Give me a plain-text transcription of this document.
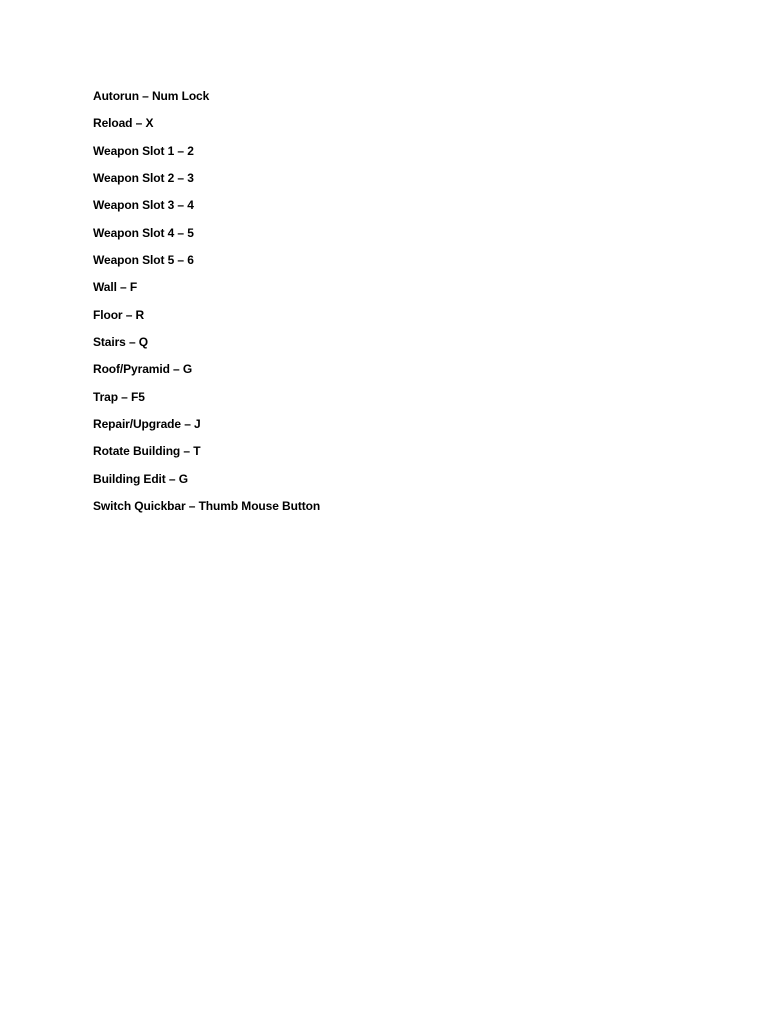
Autorun – Num Lock
Reload – X
Weapon Slot 1 – 2
Weapon Slot 2 – 3
Weapon Slot 3 – 4
Weapon Slot 4 – 5
Weapon Slot 5 – 6
Wall – F
Floor – R
Stairs – Q
Roof/Pyramid – G
Trap – F5
Repair/Upgrade – J
Rotate Building – T
Building Edit – G
Switch Quickbar – Thumb Mouse Button
